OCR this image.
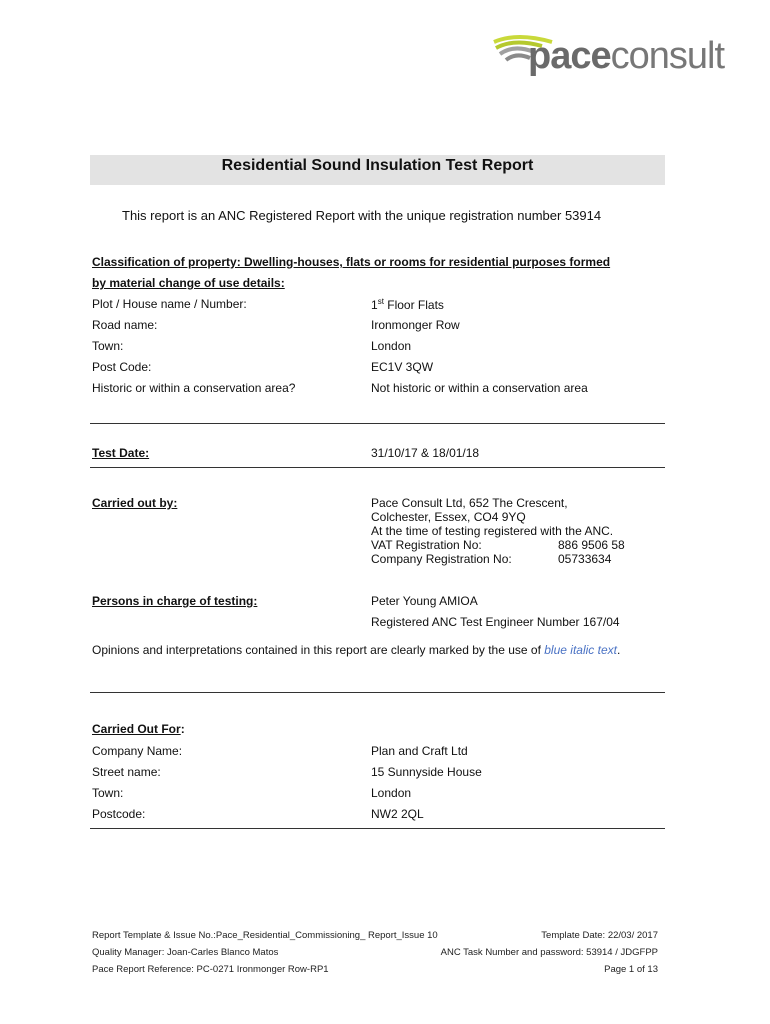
paceconsult
Residential Sound Insulation Test Report
This report is an ANC Registered Report with the unique registration number 53914
Classification of property: Dwelling-houses, flats or rooms for residential purposes formed
by material change of use details:
Plot / House name / Number:	1st Floor Flats
Road name:	Ironmonger Row
Town:	London
Post Code:	EC1V 3QW
Historic or within a conservation area?	Not historic or within a conservation area
Test Date:	31/10/17 & 18/01/18
Carried out by:	Pace Consult Ltd, 652 The Crescent,
Colchester, Essex, CO4 9YQ
At the time of testing registered with the ANC.
VAT Registration No:	886 9506 58
Company Registration No:	05733634
Persons in charge of testing:	Peter Young AMIOA
Registered ANC Test Engineer Number 167/04
Opinions and interpretations contained in this report are clearly marked by the use of blue italic text.
Carried Out For:
Company Name:	Plan and Craft Ltd
Street name:	15 Sunnyside House
Town:	London
Postcode:	NW2 2QL
Report Template & Issue No.:Pace_Residential_Commissioning_ Report_Issue 10	Template Date: 22/03/ 2017
Quality Manager: Joan-Carles Blanco Matos	ANC Task Number and password: 53914 / JDGFPP
Pace Report Reference: PC-0271 Ironmonger Row-RP1	Page 1 of 13
